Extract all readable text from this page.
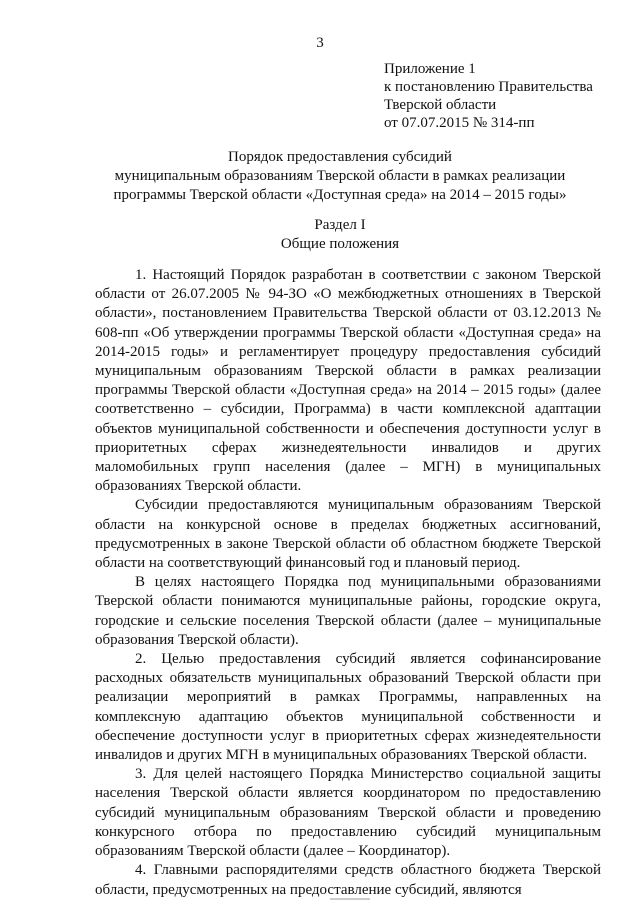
3
Приложение 1
к постановлению Правительства
Тверской области
от 07.07.2015 № 314-пп
Порядок предоставления субсидий
муниципальным образованиям Тверской области в рамках реализации
программы Тверской области «Доступная среда» на 2014 – 2015 годы»
Раздел I
Общие положения

1. Настоящий Порядок разработан в соответствии с законом Тверской области от 26.07.2005 № 94-ЗО «О межбюджетных отношениях в Тверской области», постановлением Правительства Тверской области от 03.12.2013 № 608-пп «Об утверждении программы Тверской области «Доступная среда» на 2014-2015 годы» и регламентирует процедуру предоставления субсидий муниципальным образованиям Тверской области в рамках реализации программы Тверской области «Доступная среда» на 2014 – 2015 годы» (далее соответственно – субсидии, Программа) в части комплексной адаптации объектов муниципальной собственности и обеспечения доступности услуг в приоритетных сферах жизнедеятельности инвалидов и других маломобильных групп населения (далее – МГН) в муниципальных образованиях Тверской области.

Субсидии предоставляются муниципальным образованиям Тверской области на конкурсной основе в пределах бюджетных ассигнований, предусмотренных в законе Тверской области об областном бюджете Тверской области на соответствующий финансовый год и плановый период.

В целях настоящего Порядка под муниципальными образованиями Тверской области понимаются муниципальные районы, городские округа, городские и сельские поселения Тверской области (далее – муниципальные образования Тверской области).

2. Целью предоставления субсидий является софинансирование расходных обязательств муниципальных образований Тверской области при реализации мероприятий в рамках Программы, направленных на комплексную адаптацию объектов муниципальной собственности и обеспечение доступности услуг в приоритетных сферах жизнедеятельности инвалидов и других МГН в муниципальных образованиях Тверской области.

3. Для целей настоящего Порядка Министерство социальной защиты населения Тверской области является координатором по предоставлению субсидий муниципальным образованиям Тверской области и проведению конкурсного отбора по предоставлению субсидий муниципальным образованиям Тверской области (далее – Координатор).

4. Главными распорядителями средств областного бюджета Тверской области, предусмотренных на предоставление субсидий, являются
